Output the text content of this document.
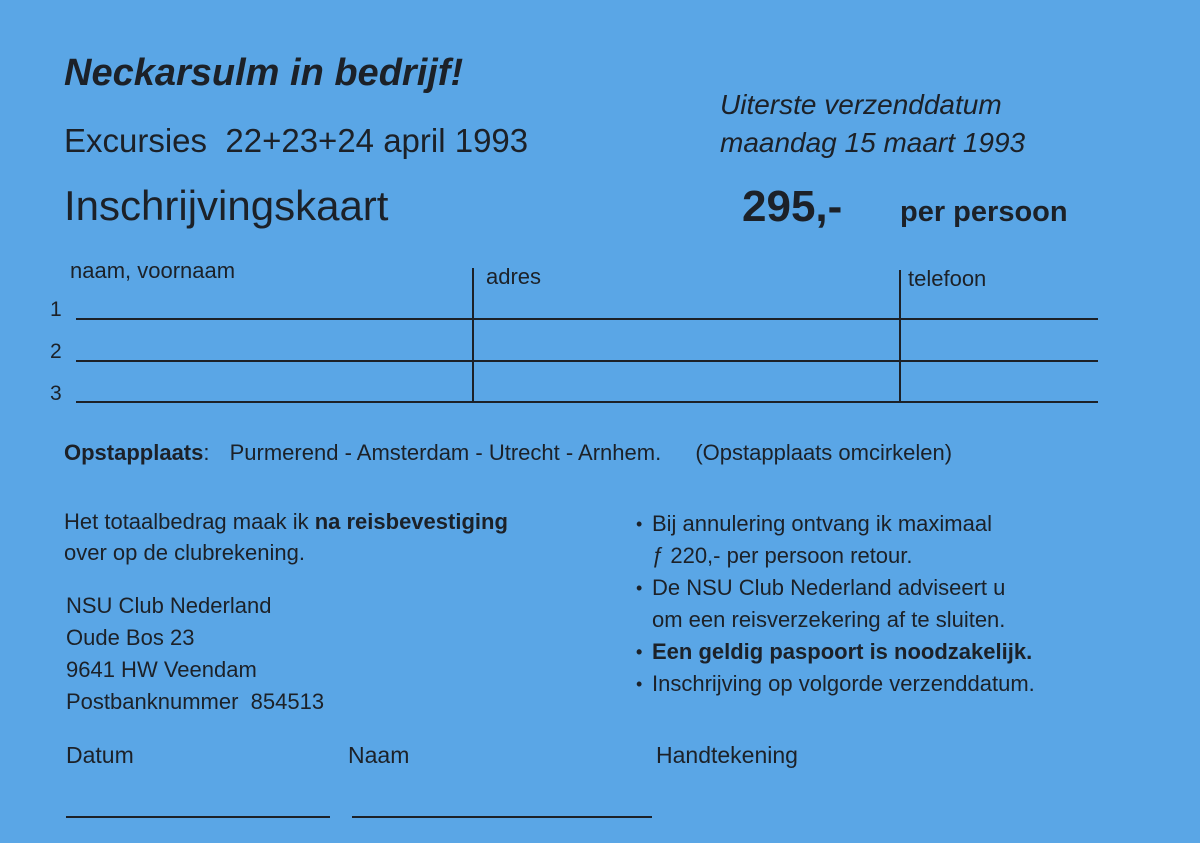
Neckarsulm in bedrijf!
Excursies  22+23+24 april 1993
Inschrijvingskaart
Uiterste verzenddatum
maandag 15 maart 1993
295,- per persoon
naam, voornaam	adres	telefoon
1
2
3
Opstapplaats: Purmerend - Amsterdam - Utrecht - Arnhem. (Opstapplaats omcirkelen)
Het totaalbedrag maak ik na reisbevestiging
over op de clubrekening.
NSU Club Nederland
Oude Bos 23
9641 HW Veendam
Postbanknummer  854513
• Bij annulering ontvang ik maximaal
ƒ 220,- per persoon retour.
• De NSU Club Nederland adviseert u
om een reisverzekering af te sluiten.
• Een geldig paspoort is noodzakelijk.
• Inschrijving op volgorde verzenddatum.
Datum	Naam	Handtekening
